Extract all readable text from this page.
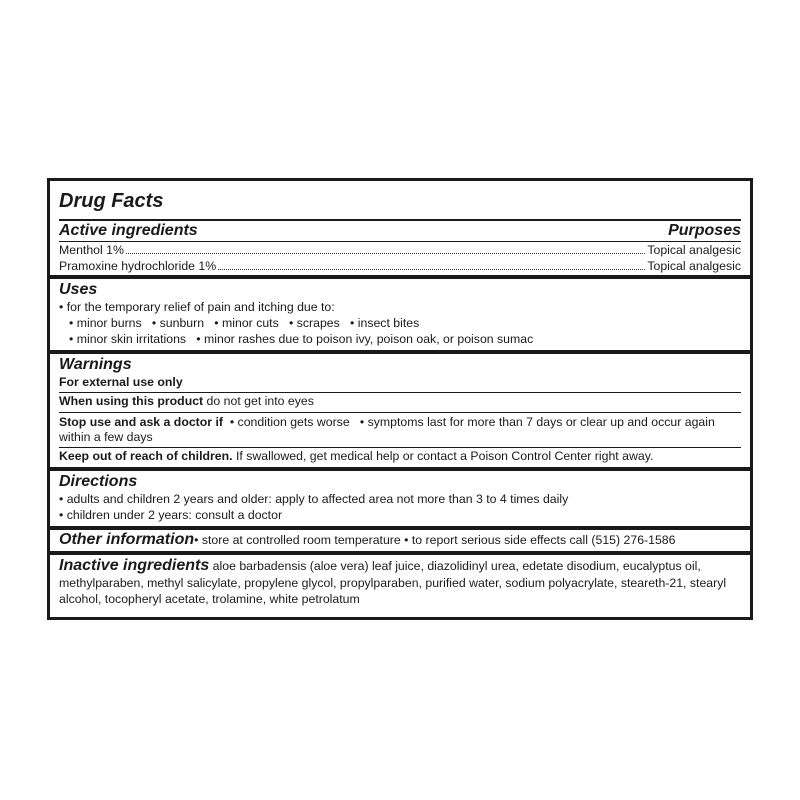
Drug Facts
Active ingredients	Purposes
Menthol 1%	Topical analgesic
Pramoxine hydrochloride 1%	Topical analgesic
Uses
• for the temporary relief of pain and itching due to:
• minor burns   • sunburn   • minor cuts   • scrapes   • insect bites
• minor skin irritations   • minor rashes due to poison ivy, poison oak, or poison sumac
Warnings
For external use only
When using this product do not get into eyes
Stop use and ask a doctor if  • condition gets worse   • symptoms last for more than 7 days or clear up and occur again within a few days
Keep out of reach of children. If swallowed, get medical help or contact a Poison Control Center right away.
Directions
• adults and children 2 years and older: apply to affected area not more than 3 to 4 times daily
• children under 2 years: consult a doctor
Other information • store at controlled room temperature • to report serious side effects call (515) 276-1586
Inactive ingredients aloe barbadensis (aloe vera) leaf juice, diazolidinyl urea, edetate disodium, eucalyptus oil, methylparaben, methyl salicylate, propylene glycol, propylparaben, purified water, sodium polyacrylate, steareth-21, stearyl alcohol, tocopheryl acetate, trolamine, white petrolatum
